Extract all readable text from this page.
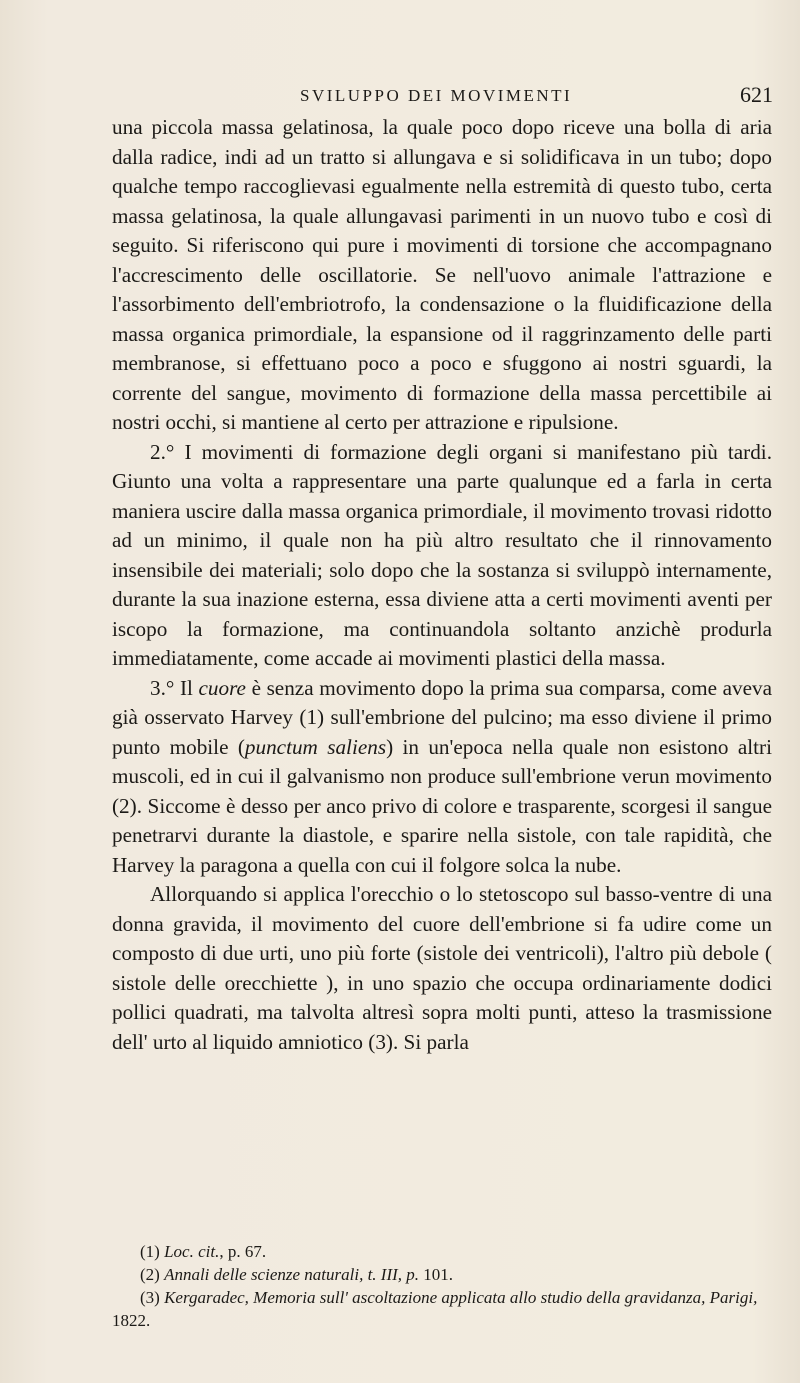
SVILUPPO DEI MOVIMENTI	621

una piccola massa gelatinosa, la quale poco dopo riceve una bolla di aria dalla radice, indi ad un tratto si allungava e si solidificava in un tubo; dopo qualche tempo raccoglievasi egualmente nella estremità di questo tubo, certa massa gelatinosa, la quale allungavasi parimenti in un nuovo tubo e così di seguito. Si riferiscono qui pure i movimenti di torsione che accompagnano l'accrescimento delle oscillatorie. Se nell'uovo animale l'attrazione e l'assorbimento dell'embriotrofo, la condensazione o la fluidificazione della massa organica primordiale, la espansione od il raggrinzamento delle parti membranose, si effettuano poco a poco e sfuggono ai nostri sguardi, la corrente del sangue, movimento di formazione della massa percettibile ai nostri occhi, si mantiene al certo per attrazione e ripulsione.

2.° I movimenti di formazione degli organi si manifestano più tardi. Giunto una volta a rappresentare una parte qualunque ed a farla in certa maniera uscire dalla massa organica primordiale, il movimento trovasi ridotto ad un minimo, il quale non ha più altro resultato che il rinnovamento insensibile dei materiali; solo dopo che la sostanza si sviluppò internamente, durante la sua inazione esterna, essa diviene atta a certi movimenti aventi per iscopo la formazione, ma continuandola soltanto anzichè produrla immediatamente, come accade ai movimenti plastici della massa.

3.° Il cuore è senza movimento dopo la prima sua comparsa, come aveva già osservato Harvey (1) sull'embrione del pulcino; ma esso diviene il primo punto mobile (punctum saliens) in un'epoca nella quale non esistono altri muscoli, ed in cui il galvanismo non produce sull'embrione verun movimento (2). Siccome è desso per anco privo di colore e trasparente, scorgesi il sangue penetrarvi durante la diastole, e sparire nella sistole, con tale rapidità, che Harvey la paragona a quella con cui il folgore solca la nube.

Allorquando si applica l'orecchio o lo stetoscopo sul basso-ventre di una donna gravida, il movimento del cuore dell'embrione si fa udire come un composto di due urti, uno più forte (sistole dei ventricoli), l'altro più debole ( sistole delle orecchiette ), in uno spazio che occupa ordinariamente dodici pollici quadrati, ma talvolta altresì sopra molti punti, atteso la trasmissione dell' urto al liquido amniotico (3). Si parla

(1) Loc. cit., p. 67.

(2) Annali delle scienze naturali, t. III, p. 101.

(3) Kergaradec, Memoria sull' ascoltazione applicata allo studio della gravidanza, Parigi, 1822.
